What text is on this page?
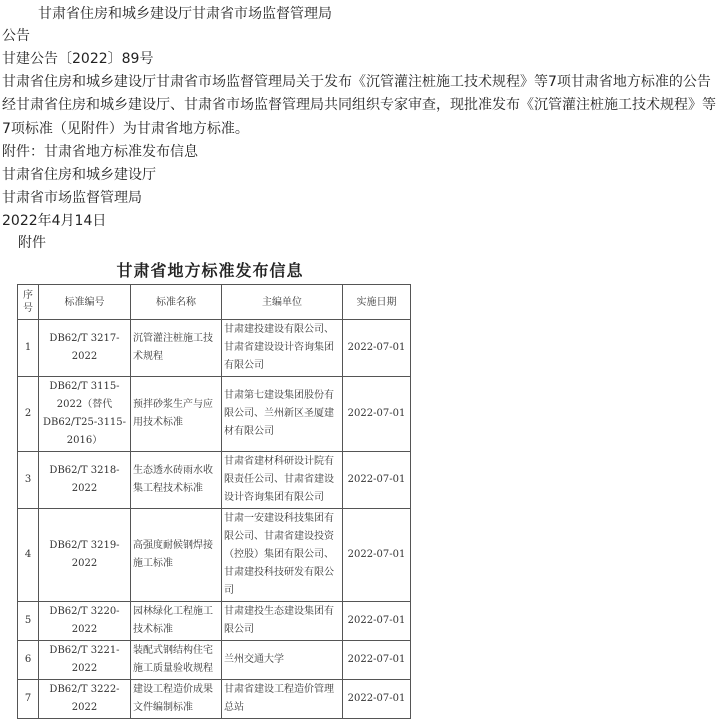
甘肃省住房和城乡建设厅甘肃省市场监督管理局
公告
甘建公告〔2022〕89号
甘肃省住房和城乡建设厅甘肃省市场监督管理局关于发布《沉管灌注桩施工技术规程》等7项甘肃省地方标准的公告
经甘肃省住房和城乡建设厅、甘肃省市场监督管理局共同组织专家审查，现批准发布《沉管灌注桩施工技术规程》等7项标准（见附件）为甘肃省地方标准。
附件：甘肃省地方标准发布信息
甘肃省住房和城乡建设厅
甘肃省市场监督管理局
2022年4月14日
附件
甘肃省地方标准发布信息
序号	标准编号	标准名称	主编单位	实施日期
1	DB62/T 3217-2022	沉管灌注桩施工技术规程	甘肃建投建设有限公司、甘肃省建设设计咨询集团有限公司	2022-07-01
2	DB62/T 3115-2022（替代DB62/T25-3115-2016）	预拌砂浆生产与应用技术标准	甘肃第七建设集团股份有限公司、兰州新区圣厦建材有限公司	2022-07-01
3	DB62/T 3218-2022	生态透水砖雨水收集工程技术标准	甘肃省建材科研设计院有限责任公司、甘肃省建设设计咨询集团有限公司	2022-07-01
4	DB62/T 3219-2022	高强度耐候钢焊接施工标准	甘肃一安建设科技集团有限公司、甘肃省建设投资（控股）集团有限公司、甘肃建投科技研发有限公司	2022-07-01
5	DB62/T 3220-2022	园林绿化工程施工技术标准	甘肃建投生态建设集团有限公司	2022-07-01
6	DB62/T 3221-2022	装配式钢结构住宅施工质量验收规程	兰州交通大学	2022-07-01
7	DB62/T 3222-2022	建设工程造价成果文件编制标准	甘肃省建设工程造价管理总站	2022-07-01
